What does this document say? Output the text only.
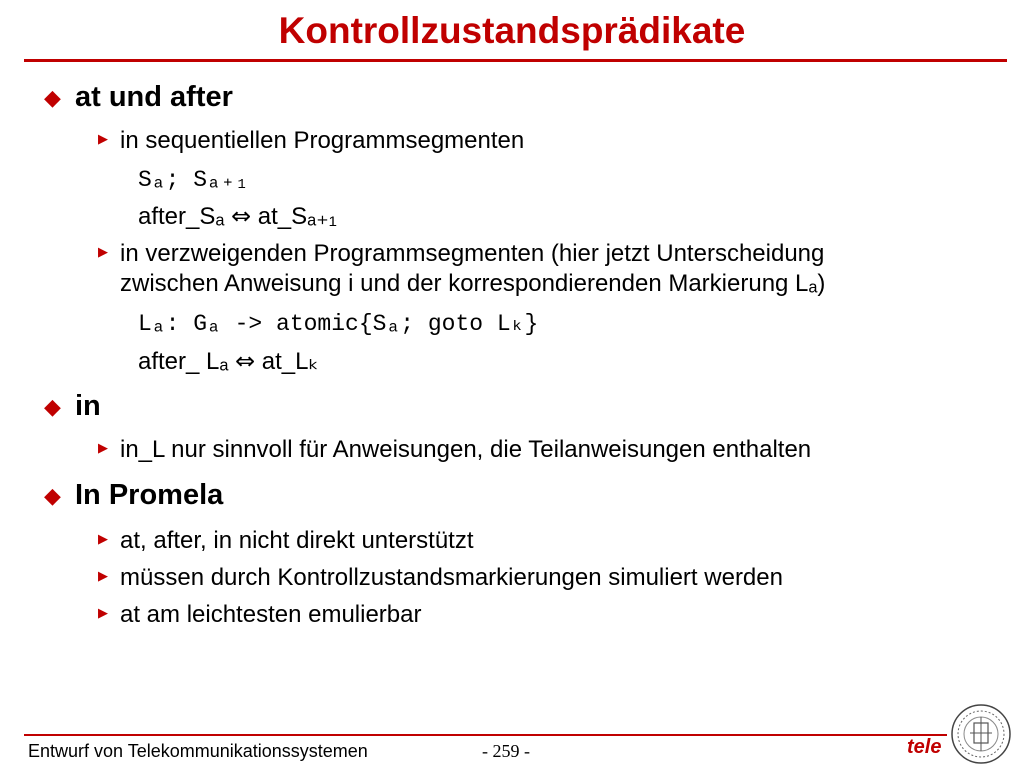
Kontrollzustandsprädikate
◆ at und after
▶ in sequentiellen Programmsegmenten
Sₐ; Sₐ₊₁
after_Sₐ ⇔ at_Sₐ₊₁
▶ in verzweigenden Programmsegmenten (hier jetzt Unterscheidung
zwischen Anweisung i und der korrespondierenden Markierung Lₐ)
Lₐ: Gₐ -> atomic{Sₐ; goto Lₖ}
after_ Lₐ ⇔ at_Lₖ
◆ in
▶ in_L nur sinnvoll für Anweisungen, die Teilanweisungen enthalten
◆ In Promela
▶ at, after, in nicht direkt unterstützt
▶ müssen durch Kontrollzustandsmarkierungen simuliert werden
▶ at am leichtesten emulierbar
Entwurf von Telekommunikationssystemen	- 259 -	tele
